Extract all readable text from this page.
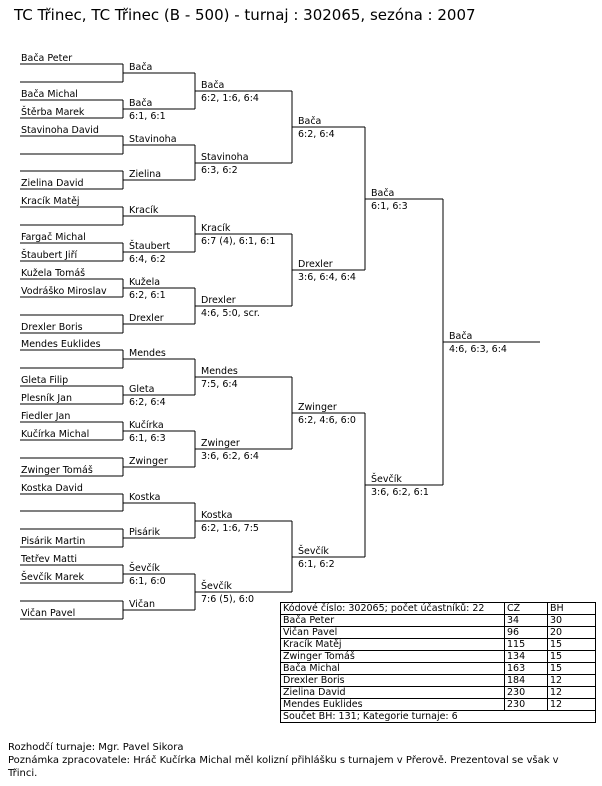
TC Třinec, TC Třinec (B - 500) - turnaj : 302065, sezóna : 2007
Bača Peter
Bača Michal
Štěrba Marek
Stavinoha David
Zielina David
Kracík Matěj
Fargač Michal
Štaubert Jiří
Kužela Tomáš
Vodráško Miroslav
Drexler Boris
Mendes Euklides
Gleta Filip
Plesník Jan
Fiedler Jan
Kučírka Michal
Zwinger Tomáš
Kostka David
Pisárik Martin
Tetřev Matti
Ševčík Marek
Vičan Pavel
Bača
Bača
6:1, 6:1
Stavinoha
Zielina
Kracík
Štaubert
6:4, 6:2
Kužela
6:2, 6:1
Drexler
Mendes
Gleta
6:2, 6:4
Kučírka
6:1, 6:3
Zwinger
Kostka
Pisárik
Ševčík
6:1, 6:0
Vičan
Bača
6:2, 1:6, 6:4
Stavinoha
6:3, 6:2
Kracík
6:7 (4), 6:1, 6:1
Drexler
4:6, 5:0, scr.
Mendes
7:5, 6:4
Zwinger
3:6, 6:2, 6:4
Kostka
6:2, 1:6, 7:5
Ševčík
7:6 (5), 6:0
Bača
6:2, 6:4
Drexler
3:6, 6:4, 6:4
Zwinger
6:2, 4:6, 6:0
Ševčík
6:1, 6:2
Bača
6:1, 6:3
Ševčík
3:6, 6:2, 6:1
Bača
4:6, 6:3, 6:4
Kódové číslo: 302065; počet účastníků: 22	CŽ	BH
Bača Peter	34	30
Vičan Pavel	96	20
Kracík Matěj	115	15
Zwinger Tomáš	134	15
Bača Michal	163	15
Drexler Boris	184	12
Zielina David	230	12
Mendes Euklides	230	12
Součet BH: 131; Kategorie turnaje: 6		
Rozhodčí turnaje: Mgr. Pavel Sikora
Poznámka zpracovatele: Hráč Kučírka Michal měl kolizní přihlášku s turnajem v Přerově. Prezentoval se však v Třinci.
